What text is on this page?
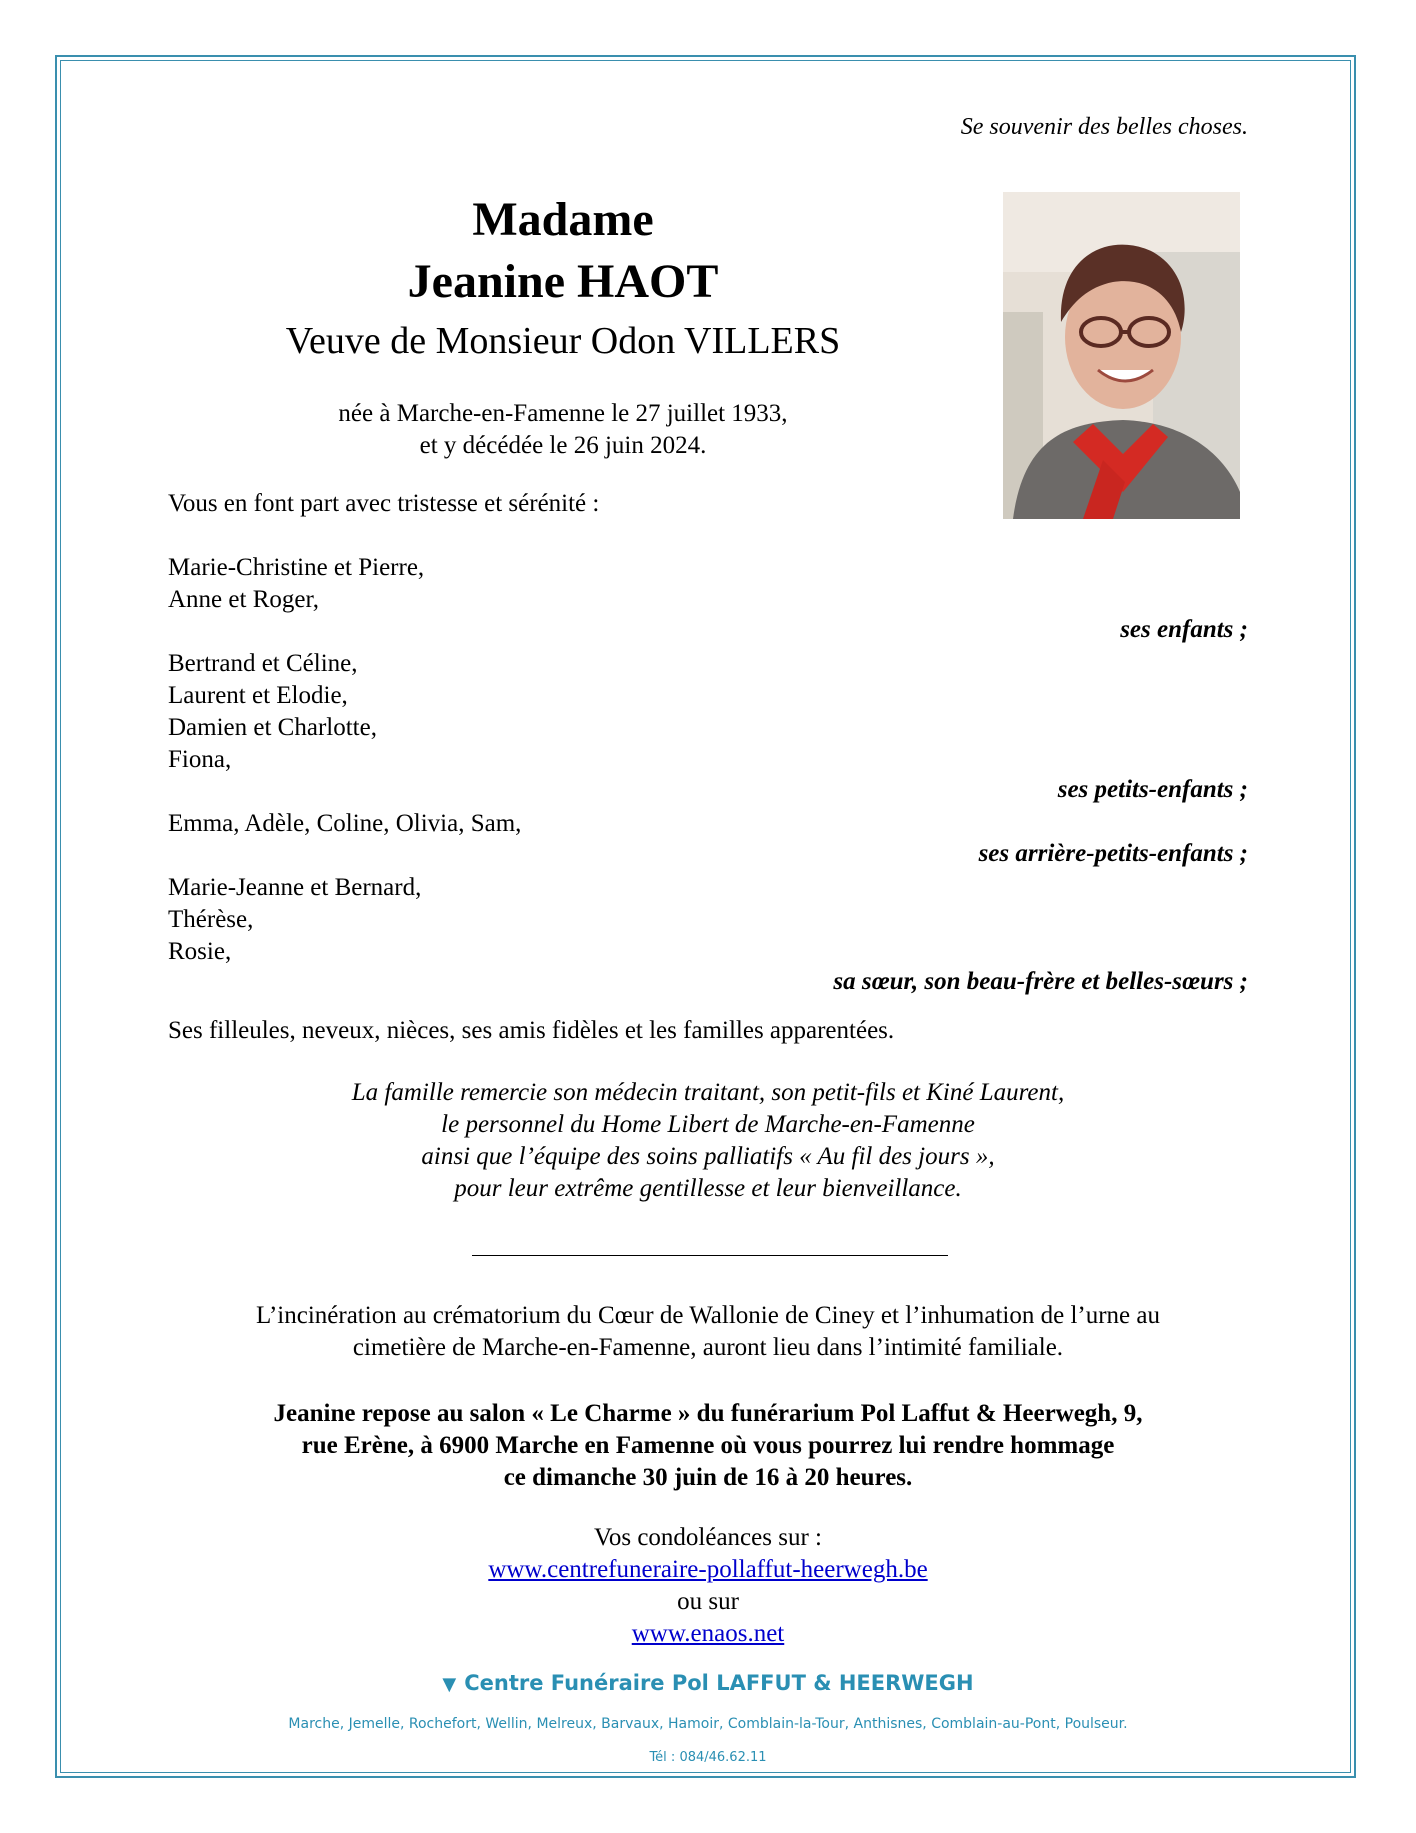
Se souvenir des belles choses.
Madame
Jeanine HAOT
Veuve de Monsieur Odon VILLERS
née à Marche-en-Famenne le 27 juillet 1933,
et y décédée le 26 juin 2024.
Vous en font part avec tristesse et sérénité :
Marie-Christine et Pierre,
Anne et Roger,
ses enfants ;
Bertrand et Céline,
Laurent et Elodie,
Damien et Charlotte,
Fiona,
ses petits-enfants ;
Emma, Adèle, Coline, Olivia, Sam,
ses arrière-petits-enfants ;
Marie-Jeanne et Bernard,
Thérèse,
Rosie,
sa sœur, son beau-frère et belles-sœurs ;
Ses filleules, neveux, nièces, ses amis fidèles et les familles apparentées.
La famille remercie son médecin traitant, son petit-fils et Kiné Laurent,
le personnel du Home Libert de Marche-en-Famenne
ainsi que l’équipe des soins palliatifs « Au fil des jours »,
pour leur extrême gentillesse et leur bienveillance.
L’incinération au crématorium du Cœur de Wallonie de Ciney et l’inhumation de l’urne au
cimetière de Marche-en-Famenne, auront lieu dans l’intimité familiale.
Jeanine repose au salon « Le Charme » du funérarium Pol Laffut & Heerwegh, 9,
rue Erène, à 6900 Marche en Famenne où vous pourrez lui rendre hommage
ce dimanche 30 juin de 16 à 20 heures.
Vos condoléances sur :
www.centrefuneraire-pollaffut-heerwegh.be
ou sur
www.enaos.net
▼ Centre Funéraire Pol LAFFUT & HEERWEGH
Marche, Jemelle, Rochefort, Wellin, Melreux, Barvaux, Hamoir, Comblain-la-Tour, Anthisnes, Comblain-au-Pont, Poulseur.
Tél : 084/46.62.11
